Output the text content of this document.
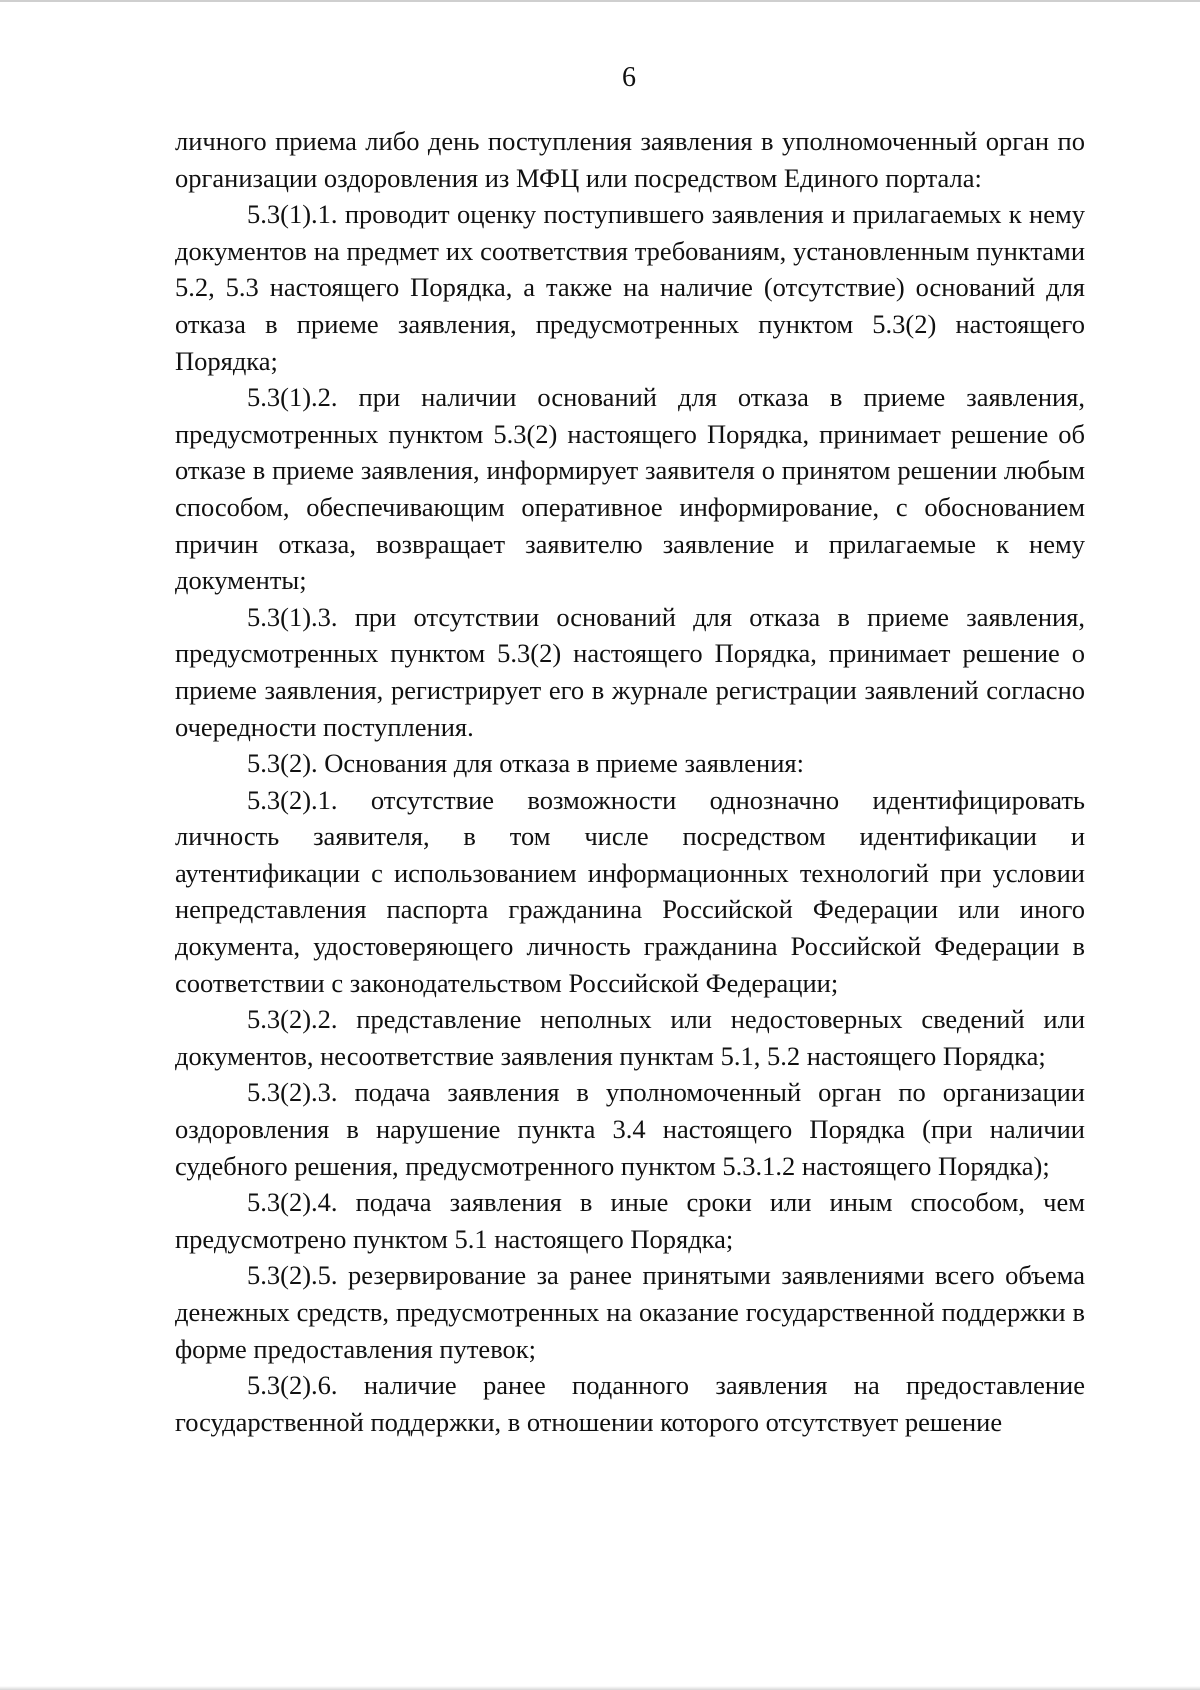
6

личного приема либо день поступления заявления в уполномоченный орган по организации оздоровления из МФЦ или посредством Единого портала:

5.3(1).1. проводит оценку поступившего заявления и прилагаемых к нему документов на предмет их соответствия требованиям, установленным пунктами 5.2, 5.3 настоящего Порядка, а также на наличие (отсутствие) оснований для отказа в приеме заявления, предусмотренных пунктом 5.3(2) настоящего Порядка;

5.3(1).2. при наличии оснований для отказа в приеме заявления, предусмотренных пунктом 5.3(2) настоящего Порядка, принимает решение об отказе в приеме заявления, информирует заявителя о принятом решении любым способом, обеспечивающим оперативное информирование, с обоснованием причин отказа, возвращает заявителю заявление и прилагаемые к нему документы;

5.3(1).3. при отсутствии оснований для отказа в приеме заявления, предусмотренных пунктом 5.3(2) настоящего Порядка, принимает решение о приеме заявления, регистрирует его в журнале регистрации заявлений согласно очередности поступления.

5.3(2). Основания для отказа в приеме заявления:

5.3(2).1. отсутствие возможности однозначно идентифицировать личность заявителя, в том числе посредством идентификации и аутентификации с использованием информационных технологий при условии непредставления паспорта гражданина Российской Федерации или иного документа, удостоверяющего личность гражданина Российской Федерации в соответствии с законодательством Российской Федерации;

5.3(2).2. представление неполных или недостоверных сведений или документов, несоответствие заявления пунктам 5.1, 5.2 настоящего Порядка;

5.3(2).3. подача заявления в уполномоченный орган по организации оздоровления в нарушение пункта 3.4 настоящего Порядка (при наличии судебного решения, предусмотренного пунктом 5.3.1.2 настоящего Порядка);

5.3(2).4. подача заявления в иные сроки или иным способом, чем предусмотрено пунктом 5.1 настоящего Порядка;

5.3(2).5. резервирование за ранее принятыми заявлениями всего объема денежных средств, предусмотренных на оказание государственной поддержки в форме предоставления путевок;

5.3(2).6. наличие ранее поданного заявления на предоставление государственной поддержки, в отношении которого отсутствует решение
